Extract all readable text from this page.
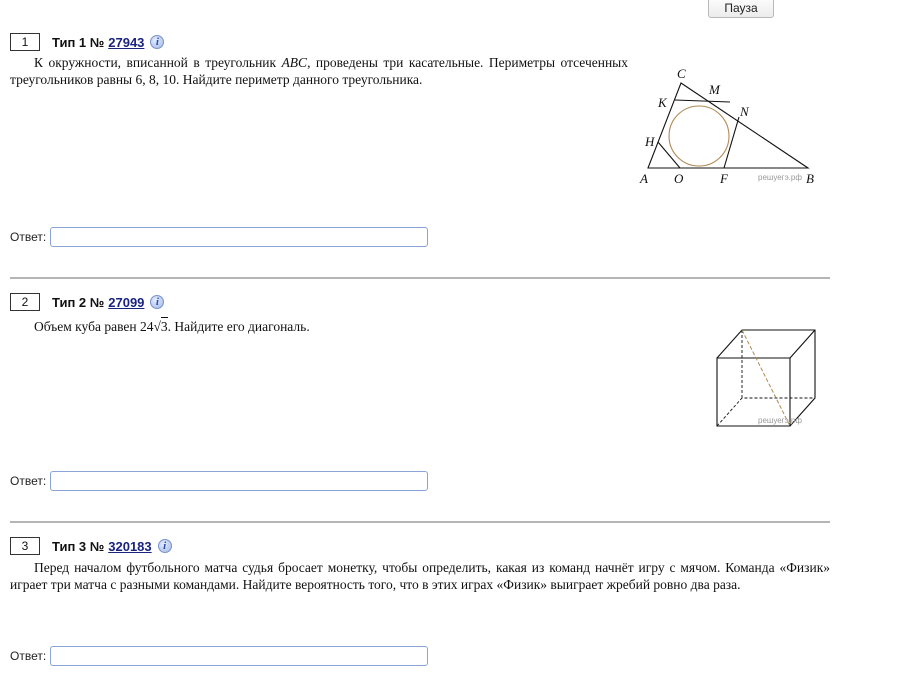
Пауза
1	Тип 1 № 27943	i

К окружности, вписанной в треугольник ABC, проведены три касательные. Периметры отсеченных треугольников равны 6, 8, 10. Найдите периметр данного треугольника.	C
M
K
N
H
A O	F	B
решуегэ.рф
Ответ:
2	Тип 2 № 27099	i

Объем куба равен 24√3. Найдите его диагональ.

решуегэ.рф
Ответ:
3	Тип 3 № 320183	i

Перед началом футбольного матча судья бросает монетку, чтобы определить, какая из команд начнёт игру с мячом. Команда «Физик» играет три матча с разными командами. Найдите вероятность того, что в этих играх «Физик» выиграет жребий ровно два раза.

Ответ:
